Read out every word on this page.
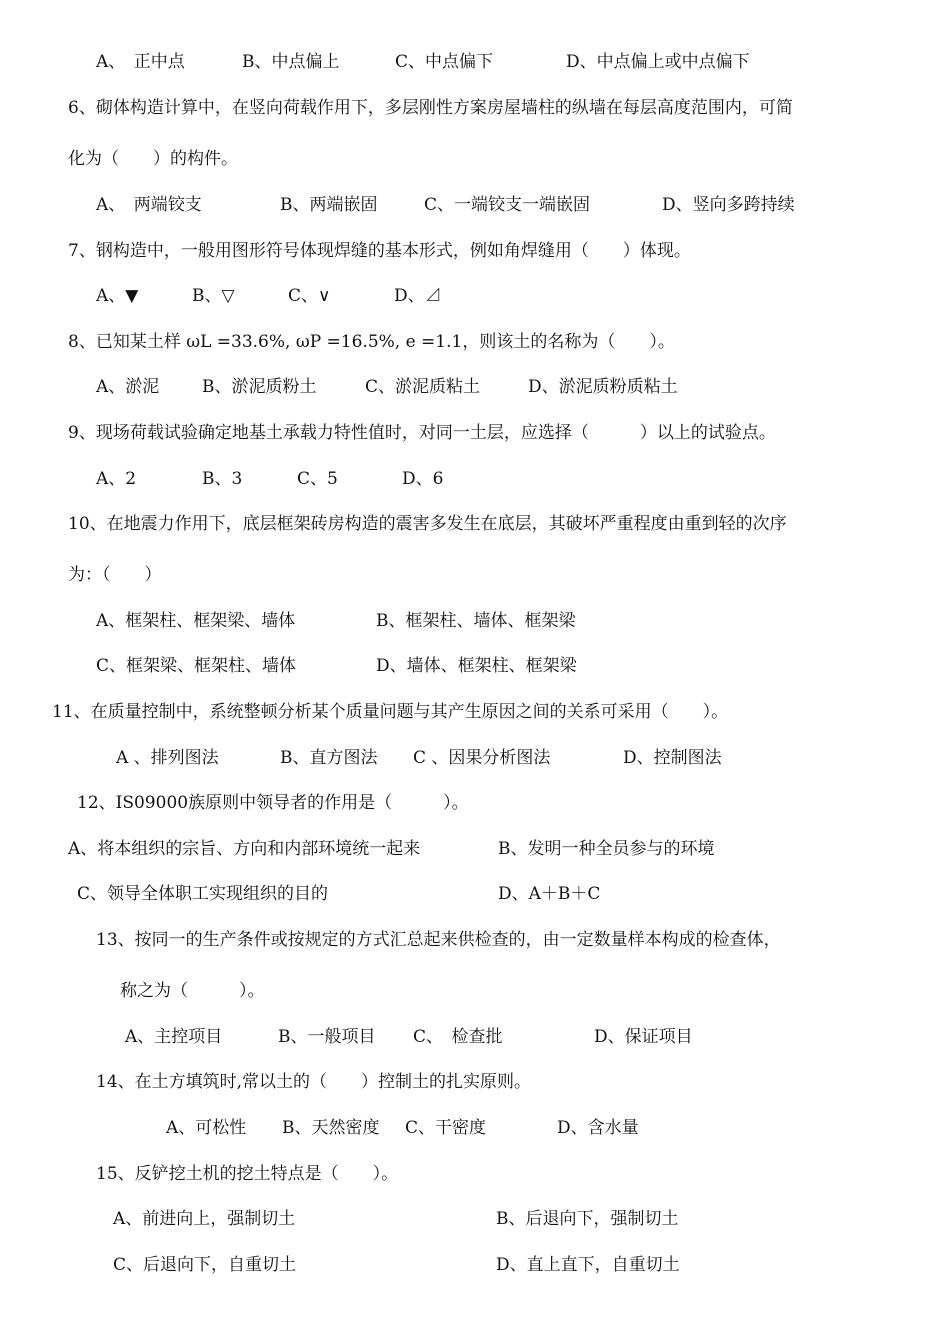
A、　正中点	B、中点偏上	C、中点偏下	D、中点偏上或中点偏下
6、砌体构造计算中，在竖向荷载作用下，多层刚性方案房屋墙柱的纵墙在每层高度范围内，可简
化为（　　）的构件。
A、　两端铰支	B、两端嵌固	C、一端铰支一端嵌固	D、竖向多跨持续
7、钢构造中，一般用图形符号体现焊缝的基本形式，例如角焊缝用（　　）体现。
A、▼	B、▽	C、∨	D、⊿
8、已知某土样 ωL =33.6%, ωP =16.5%, e =1.1，则该土的名称为（　　）。
A、淤泥	B、淤泥质粉土	C、淤泥质粘土	D、淤泥质粉质粘土
9、现场荷载试验确定地基土承载力特性值时，对同一土层，应选择（　　　）以上的试验点。
A、2	B、3	C、5	D、6
10、在地震力作用下，底层框架砖房构造的震害多发生在底层，其破坏严重程度由重到轻的次序
为：（　　）
A、框架柱、框架梁、墙体	B、框架柱、墙体、框架梁
C、框架梁、框架柱、墙体	D、墙体、框架柱、框架梁
11、在质量控制中，系统整顿分析某个质量问题与其产生原因之间的关系可采用（　　）。
A 、排列图法	B、直方图法 C 、因果分析图法	D、控制图法
12、IS09000族原则中领导者的作用是（　　　）。
A、将本组织的宗旨、方向和内部环境统一起来	B、发明一种全员参与的环境
C、领导全体职工实现组织的目的	D、A＋B＋C
13、按同一的生产条件或按规定的方式汇总起来供检查的，由一定数量样本构成的检查体，
称之为（　　　）。
A、主控项目	B、一般项目 C、　检查批	D、保证项目
14、在土方填筑时,常以土的（　　）控制土的扎实原则。
A、可松性 B、天然密度 C、干密度	D、含水量
15、反铲挖土机的挖土特点是（　　）。
A、前进向上，强制切土	B、后退向下，强制切土
C、后退向下，自重切土	D、直上直下，自重切土
